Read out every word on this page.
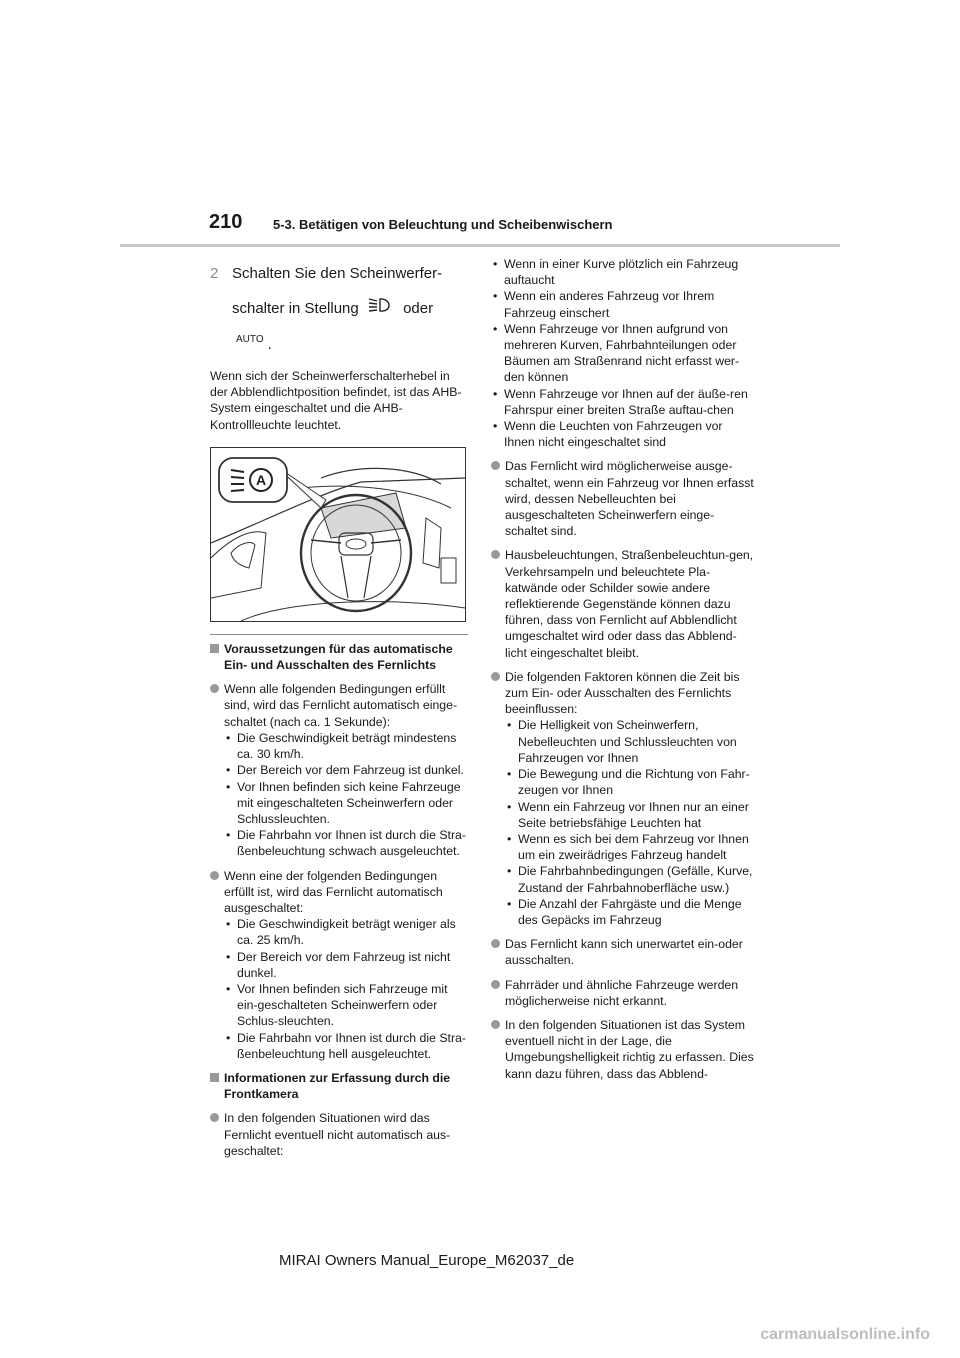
210 5-3. Betätigen von Beleuchtung und Scheibenwischern
2 Schalten Sie den Scheinwerfer-schalter in Stellung	oder AUTO .

Wenn sich der Scheinwerferschalterhebel in der Abblendlichtposition befindet, ist das AHB-System eingeschaltet und die AHB-Kontrollleuchte leuchtet.

A
Voraussetzungen für das automatische Ein- und Ausschalten des Fernlichts
Wenn alle folgenden Bedingungen erfüllt sind, wird das Fernlicht automatisch einge-schaltet (nach ca. 1 Sekunde):
• Die Geschwindigkeit beträgt mindestens ca. 30 km/h.
• Der Bereich vor dem Fahrzeug ist dunkel.
• Vor Ihnen befinden sich keine Fahrzeuge mit eingeschalteten Scheinwerfern oder Schlussleuchten.
• Die Fahrbahn vor Ihnen ist durch die Stra-ßenbeleuchtung schwach ausgeleuchtet.
Wenn eine der folgenden Bedingungen erfüllt ist, wird das Fernlicht automatisch ausgeschaltet:
• Die Geschwindigkeit beträgt weniger als ca. 25 km/h.
• Der Bereich vor dem Fahrzeug ist nicht dunkel.
• Vor Ihnen befinden sich Fahrzeuge mit ein-geschalteten Scheinwerfern oder Schlus-sleuchten.
• Die Fahrbahn vor Ihnen ist durch die Stra-ßenbeleuchtung hell ausgeleuchtet.
Informationen zur Erfassung durch die Frontkamera
In den folgenden Situationen wird das Fernlicht eventuell nicht automatisch aus-geschaltet:
• Wenn in einer Kurve plötzlich ein Fahrzeug auftaucht
• Wenn ein anderes Fahrzeug vor Ihrem Fahrzeug einschert
• Wenn Fahrzeuge vor Ihnen aufgrund von mehreren Kurven, Fahrbahnteilungen oder Bäumen am Straßenrand nicht erfasst wer-den können
• Wenn Fahrzeuge vor Ihnen auf der äuße-ren Fahrspur einer breiten Straße auftau-chen
• Wenn die Leuchten von Fahrzeugen vor Ihnen nicht eingeschaltet sind
Das Fernlicht wird möglicherweise ausge-schaltet, wenn ein Fahrzeug vor Ihnen erfasst wird, dessen Nebelleuchten bei ausgeschalteten Scheinwerfern einge-schaltet sind.
Hausbeleuchtungen, Straßenbeleuchtun-gen, Verkehrsampeln und beleuchtete Pla-katwände oder Schilder sowie andere reflektierende Gegenstände können dazu führen, dass von Fernlicht auf Abblendlicht umgeschaltet wird oder dass das Abblend-licht eingeschaltet bleibt.
Die folgenden Faktoren können die Zeit bis zum Ein- oder Ausschalten des Fernlichts beeinflussen:
• Die Helligkeit von Scheinwerfern, Nebelleuchten und Schlussleuchten von Fahrzeugen vor Ihnen
• Die Bewegung und die Richtung von Fahr-zeugen vor Ihnen
• Wenn ein Fahrzeug vor Ihnen nur an einer Seite betriebsfähige Leuchten hat
• Wenn es sich bei dem Fahrzeug vor Ihnen um ein zweirädriges Fahrzeug handelt
• Die Fahrbahnbedingungen (Gefälle, Kurve, Zustand der Fahrbahnoberfläche usw.)
• Die Anzahl der Fahrgäste und die Menge des Gepäcks im Fahrzeug
Das Fernlicht kann sich unerwartet ein-oder ausschalten.
Fahrräder und ähnliche Fahrzeuge werden möglicherweise nicht erkannt.
In den folgenden Situationen ist das System eventuell nicht in der Lage, die Umgebungshelligkeit richtig zu erfassen. Dies kann dazu führen, dass das Abblend-
MIRAI Owners Manual_Europe_M62037_de
carmanualsonline.info
